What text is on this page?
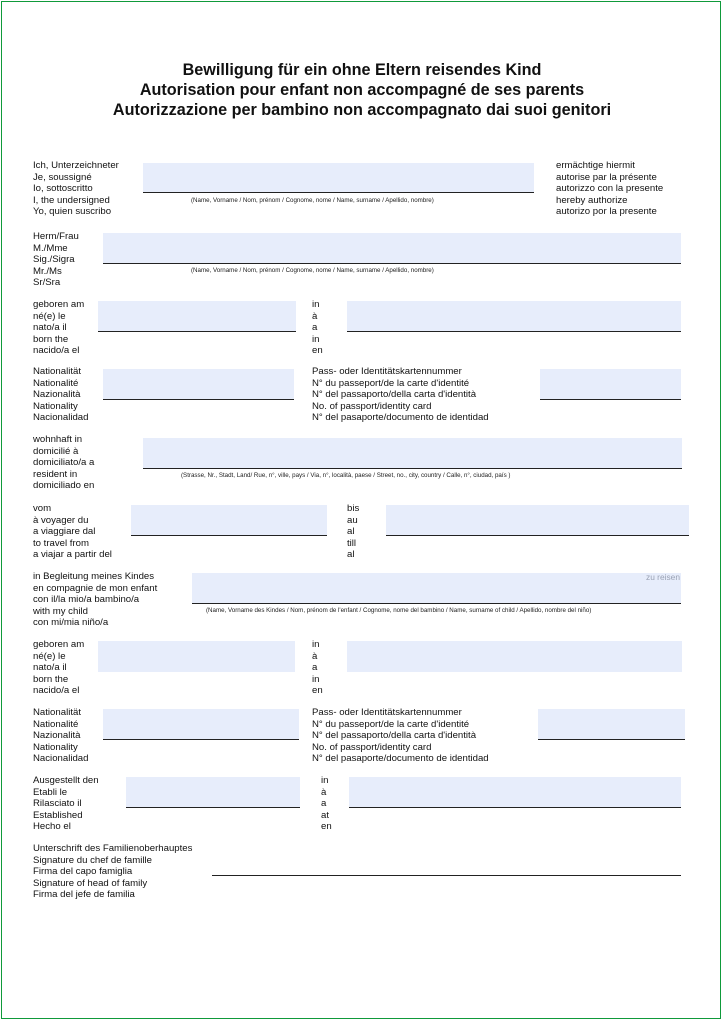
Bewilligung für ein ohne Eltern reisendes Kind
Autorisation pour enfant non accompagné de ses parents
Autorizzazione per bambino non accompagnato dai suoi genitori
Ich, Unterzeichneter
Je, soussigné
Io, sottoscritto
I, the undersigned
Yo, quien suscribo
(Name, Vorname / Nom, prénom / Cognome, nome / Name, surname / Apellido, nombre)
ermächtige hiermit
autorise par la présente
autorizzo con la presente
hereby authorize
autorizo por la presente
Herm/Frau
M./Mme
Sig./Sigra
Mr./Ms
Sr/Sra
(Name, Vorname / Nom, prénom / Cognome, nome / Name, surname / Apellido, nombre)
geboren am
né(e) le
nato/a il
born the
nacido/a el
in
à
a
in
en
Nationalität
Nationalité
Nazionalità
Nationality
Nacionalidad
Pass- oder Identitätskartennummer
N° du passeport/de la carte d'identité
N° del passaporto/della carta d'identità
No. of passport/identity card
N° del pasaporte/documento de identidad
wohnhaft in
domicilié à
domiciliato/a a
resident in
domiciliado en
(Strasse, Nr., Stadt, Land/ Rue, n°, ville, pays / Via, n°, località, paese / Street, no., city, country / Calle, n°, ciudad, país )
vom
à voyager du
a viaggiare dal
to travel from
a viajar a partir del
bis
au
al
till
al
in Begleitung meines Kindes
en compagnie de mon enfant
con il/la mio/a bambino/a
with my child
con mi/mia niño/a
zu reisen
(Name, Vorname des Kindes / Nom, prénom de l'enfant / Cognome, nome del bambino / Name, surname of child / Apellido, nombre del niño)
geboren am
né(e) le
nato/a il
born the
nacido/a el
in
à
a
in
en
Nationalität
Nationalité
Nazionalità
Nationality
Nacionalidad
Pass- oder Identitätskartennummer
N° du passeport/de la carte d'identité
N° del passaporto/della carta d'identità
No. of passport/identity card
N° del pasaporte/documento de identidad
Ausgestellt den
Etabli le
Rilasciato il
Established
Hecho el
in
à
a
at
en
Unterschrift des Familienoberhauptes
Signature du chef de famille
Firma del capo famiglia
Signature of head of family
Firma del jefe de familia
